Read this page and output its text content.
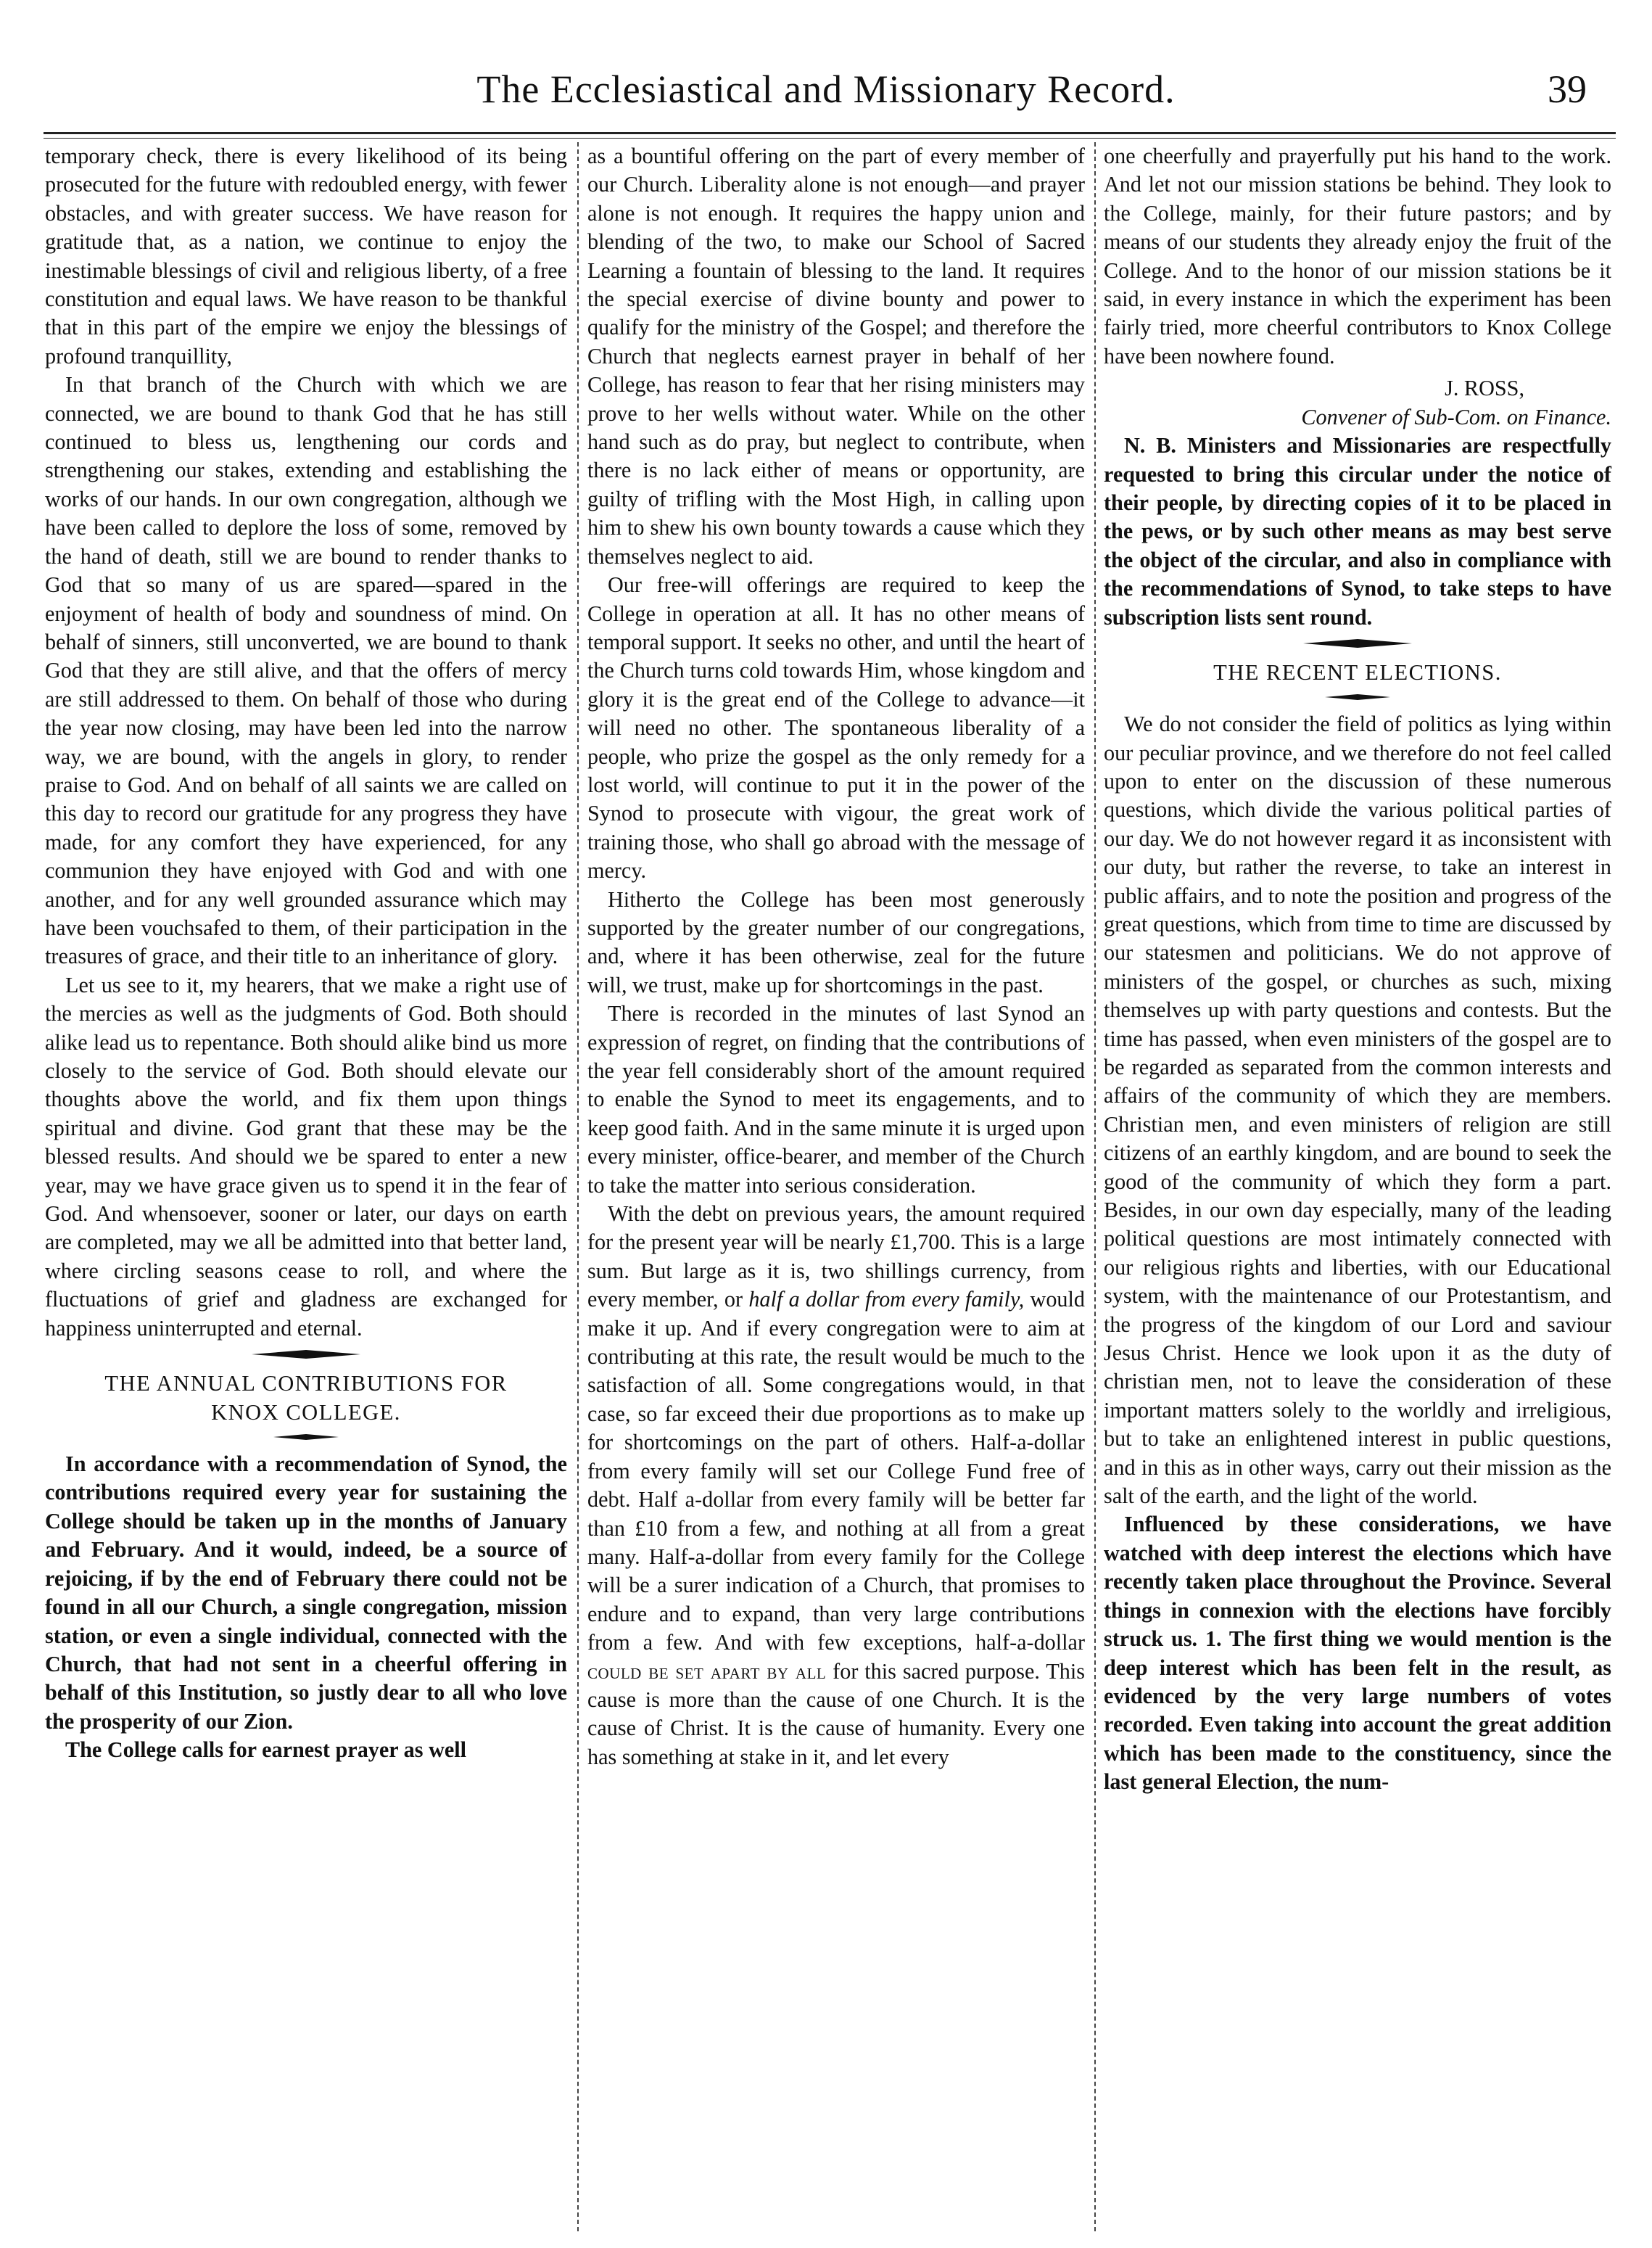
The Ecclesiastical and Missionary Record.	39

temporary check, there is every likelihood of its being prosecuted for the future with redoubled energy, with fewer obstacles, and with greater success. We have reason for gratitude that, as a nation, we continue to enjoy the inestimable blessings of civil and religious liberty, of a free constitution and equal laws. We have reason to be thankful that in this part of the empire we enjoy the blessings of profound tranquillity,

In that branch of the Church with which we are connected, we are bound to thank God that he has still continued to bless us, lengthening our cords and strengthening our stakes, extending and establishing the works of our hands. In our own congregation, although we have been called to deplore the loss of some, removed by the hand of death, still we are bound to render thanks to God that so many of us are spared—spared in the enjoyment of health of body and soundness of mind. On behalf of sinners, still unconverted, we are bound to thank God that they are still alive, and that the offers of mercy are still addressed to them. On behalf of those who during the year now closing, may have been led into the narrow way, we are bound, with the angels in glory, to render praise to God. And on behalf of all saints we are called on this day to record our gratitude for any progress they have made, for any comfort they have experienced, for any communion they have enjoyed with God and with one another, and for any well grounded assurance which may have been vouchsafed to them, of their participation in the treasures of grace, and their title to an inheritance of glory.

Let us see to it, my hearers, that we make a right use of the mercies as well as the judgments of God. Both should alike lead us to repentance. Both should alike bind us more closely to the service of God. Both should elevate our thoughts above the world, and fix them upon things spiritual and divine. God grant that these may be the blessed results. And should we be spared to enter a new year, may we have grace given us to spend it in the fear of God. And whensoever, sooner or later, our days on earth are completed, may we all be admitted into that better land, where circling seasons cease to roll, and where the fluctuations of grief and gladness are exchanged for happiness uninterrupted and eternal.

THE ANNUAL CONTRIBUTIONS FOR
KNOX COLLEGE.

In accordance with a recommendation of Synod, the contributions required every year for sustaining the College should be taken up in the months of January and February. And it would, indeed, be a source of rejoicing, if by the end of February there could not be found in all our Church, a single congregation, mission station, or even a single individual, connected with the Church, that had not sent in a cheerful offering in behalf of this Institution, so justly dear to all who love the prosperity of our Zion.

The College calls for earnest prayer as well

as a bountiful offering on the part of every member of our Church. Liberality alone is not enough—and prayer alone is not enough. It requires the happy union and blending of the two, to make our School of Sacred Learning a fountain of blessing to the land. It requires the special exercise of divine bounty and power to qualify for the ministry of the Gospel; and therefore the Church that neglects earnest prayer in behalf of her College, has reason to fear that her rising ministers may prove to her wells without water. While on the other hand such as do pray, but neglect to contribute, when there is no lack either of means or opportunity, are guilty of trifling with the Most High, in calling upon him to shew his own bounty towards a cause which they themselves neglect to aid.

Our free-will offerings are required to keep the College in operation at all. It has no other means of temporal support. It seeks no other, and until the heart of the Church turns cold towards Him, whose kingdom and glory it is the great end of the College to advance—it will need no other. The spontaneous liberality of a people, who prize the gospel as the only remedy for a lost world, will continue to put it in the power of the Synod to prosecute with vigour, the great work of training those, who shall go abroad with the message of mercy.

Hitherto the College has been most generously supported by the greater number of our congregations, and, where it has been otherwise, zeal for the future will, we trust, make up for shortcomings in the past.

There is recorded in the minutes of last Synod an expression of regret, on finding that the contributions of the year fell considerably short of the amount required to enable the Synod to meet its engagements, and to keep good faith. And in the same minute it is urged upon every minister, office-bearer, and member of the Church to take the matter into serious consideration.

With the debt on previous years, the amount required for the present year will be nearly £1,700. This is a large sum. But large as it is, two shillings currency, from every member, or half a dollar from every family, would make it up. And if every congregation were to aim at contributing at this rate, the result would be much to the satisfaction of all. Some congregations would, in that case, so far exceed their due proportions as to make up for shortcomings on the part of others. Half-a-dollar from every family will set our College Fund free of debt. Half a-dollar from every family will be better far than £10 from a few, and nothing at all from a great many. Half-a-dollar from every family for the College will be a surer indication of a Church, that promises to endure and to expand, than very large contributions from a few. And with few exceptions, half-a-dollar could be set apart by all for this sacred purpose. This cause is more than the cause of one Church. It is the cause of Christ. It is the cause of humanity. Every one has something at stake in it, and let every

one cheerfully and prayerfully put his hand to the work. And let not our mission stations be behind. They look to the College, mainly, for their future pastors; and by means of our students they already enjoy the fruit of the College. And to the honor of our mission stations be it said, in every instance in which the experiment has been fairly tried, more cheerful contributors to Knox College have been nowhere found.

J. ROSS,
Convener of Sub-Com. on Finance.

N. B. Ministers and Missionaries are respectfully requested to bring this circular under the notice of their people, by directing copies of it to be placed in the pews, or by such other means as may best serve the object of the circular, and also in compliance with the recommendations of Synod, to take steps to have subscription lists sent round.

THE RECENT ELECTIONS.

We do not consider the field of politics as lying within our peculiar province, and we therefore do not feel called upon to enter on the discussion of these numerous questions, which divide the various political parties of our day. We do not however regard it as inconsistent with our duty, but rather the reverse, to take an interest in public affairs, and to note the position and progress of the great questions, which from time to time are discussed by our statesmen and politicians. We do not approve of ministers of the gospel, or churches as such, mixing themselves up with party questions and contests. But the time has passed, when even ministers of the gospel are to be regarded as separated from the common interests and affairs of the community of which they are members. Christian men, and even ministers of religion are still citizens of an earthly kingdom, and are bound to seek the good of the community of which they form a part. Besides, in our own day especially, many of the leading political questions are most intimately connected with our religious rights and liberties, with our Educational system, with the maintenance of our Protestantism, and the progress of the kingdom of our Lord and saviour Jesus Christ. Hence we look upon it as the duty of christian men, not to leave the consideration of these important matters solely to the worldly and irreligious, but to take an enlightened interest in public questions, and in this as in other ways, carry out their mission as the salt of the earth, and the light of the world.

Influenced by these considerations, we have watched with deep interest the elections which have recently taken place throughout the Province. Several things in connexion with the elections have forcibly struck us. 1. The first thing we would mention is the deep interest which has been felt in the result, as evidenced by the very large numbers of votes recorded. Even taking into account the great addition which has been made to the constituency, since the last general Election, the num-
